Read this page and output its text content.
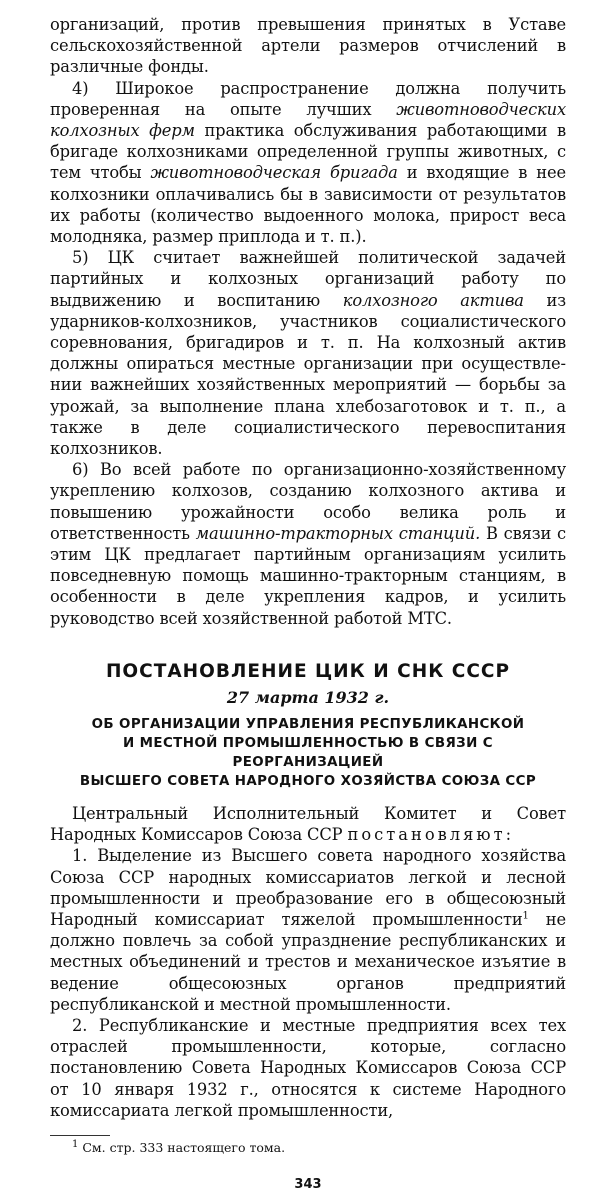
организаций, против превышения принятых в Уставе сельскохозяйственной артели размеров отчислений в различные фонды.

4) Широкое распространение должна получить проверенная на опыте лучших животноводческих колхозных ферм практика обслуживания работающими в бригаде колхозниками определенной группы животных, с тем чтобы животноводческая бригада и входящие в нее колхозники оплачивались бы в зависимости от результатов их работы (количество выдоенного молока, прирост веса молодняка, размер приплода и т. п.).

5) ЦК считает важнейшей политической задачей партийных и колхозных организаций работу по выдвижению и воспитанию колхозного актива из ударников-колхозников, участников социалистического соревнования, бригадиров и т. п. На колхозный актив должны опираться местные организации при осуществлении важнейших хозяйственных мероприятий — борьбы за урожай, за выполнение плана хлебозаготовок и т. п., а также в деле социалистического перевоспитания колхозников.

6) Во всей работе по организационно-хозяйственному укреплению колхозов, созданию колхозного актива и повышению урожайности особо велика роль и ответственность машинно-тракторных станций. В связи с этим ЦК предлагает партийным организациям усилить повседневную помощь машинно-тракторным станциям, в особенности в деле укрепления кадров, и усилить руководство всей хозяйственной работой МТС.

ПОСТАНОВЛЕНИЕ ЦИК И СНК СССР
27 марта 1932 г.
ОБ ОРГАНИЗАЦИИ УПРАВЛЕНИЯ РЕСПУБЛИКАНСКОЙ
И МЕСТНОЙ ПРОМЫШЛЕННОСТЬЮ В СВЯЗИ С РЕОРГАНИЗАЦИЕЙ
ВЫСШЕГО СОВЕТА НАРОДНОГО ХОЗЯЙСТВА СОЮЗА ССР

Центральный Исполнительный Комитет и Совет Народных Комиссаров Союза ССР постановляют:

1. Выделение из Высшего совета народного хозяйства Союза ССР народных комиссариатов легкой и лесной промышленности и преобразование его в общесоюзный Народный комиссариат тяжелой промышленности$^1$ не должно повлечь за собой упразднение республиканских и местных объединений и трестов и механическое изъятие в ведение общесоюзных органов предприятий республиканской и местной промышленности.

2. Республиканские и местные предприятия всех тех отраслей промышленности, которые, согласно постановлению Совета Народных Комиссаров Союза ССР от 10 января 1932 г., относятся к системе Народного комиссариата легкой промышленности,

$^1$ См. стр. 333 настоящего тома.

343
